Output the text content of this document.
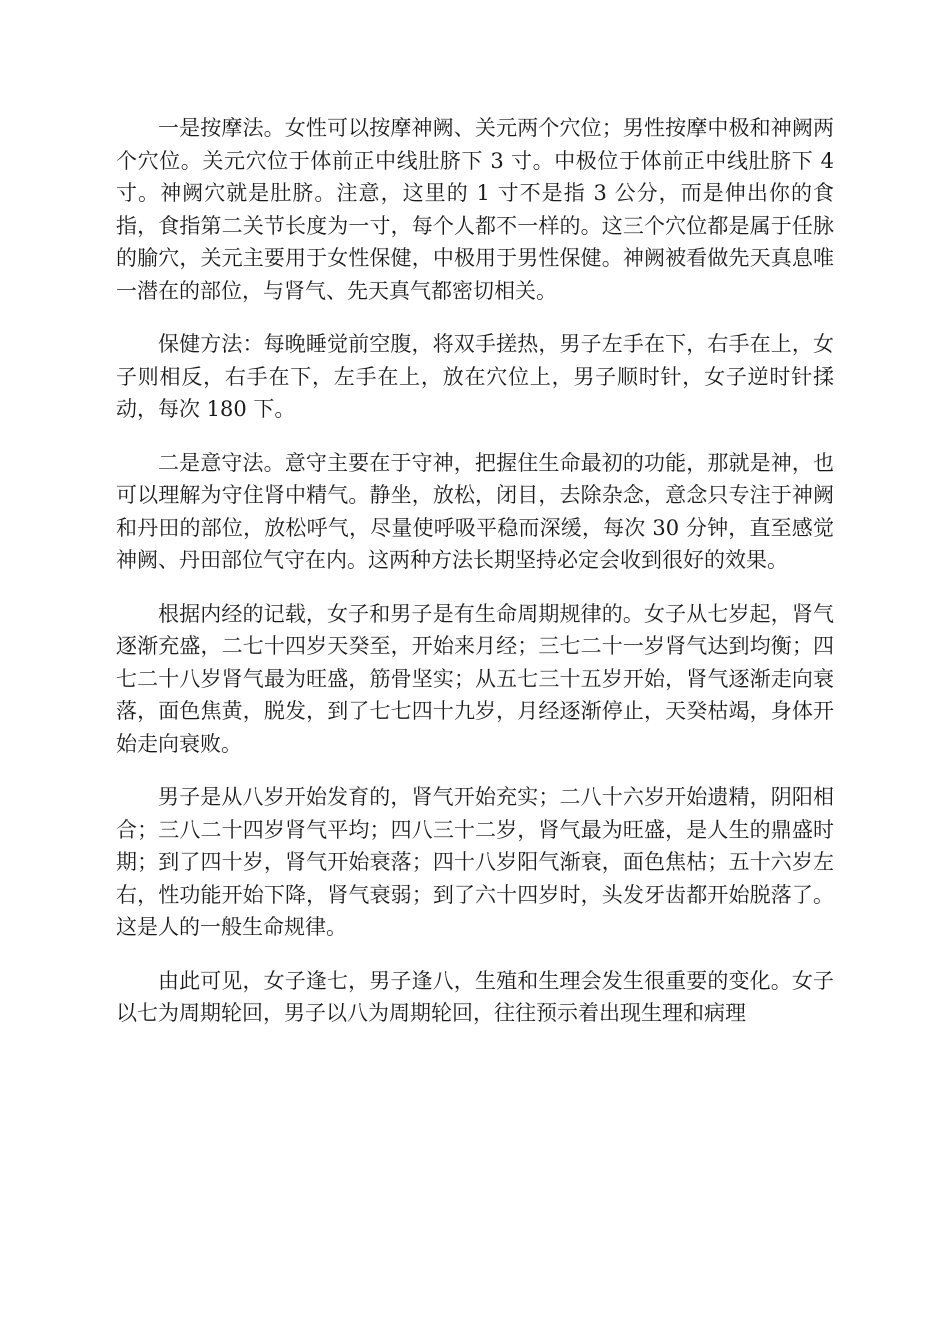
一是按摩法。女性可以按摩神阙、关元两个穴位；男性按摩中极和神阙两个穴位。关元穴位于体前正中线肚脐下 3 寸。中极位于体前正中线肚脐下 4 寸。神阙穴就是肚脐。注意，这里的 1 寸不是指 3 公分，而是伸出你的食指，食指第二关节长度为一寸，每个人都不一样的。这三个穴位都是属于任脉的腧穴，关元主要用于女性保健，中极用于男性保健。神阙被看做先天真息唯一潜在的部位，与肾气、先天真气都密切相关。

保健方法：每晚睡觉前空腹，将双手搓热，男子左手在下，右手在上，女子则相反，右手在下，左手在上，放在穴位上，男子顺时针，女子逆时针揉动，每次 180 下。

二是意守法。意守主要在于守神，把握住生命最初的功能，那就是神，也可以理解为守住肾中精气。静坐，放松，闭目，去除杂念，意念只专注于神阙和丹田的部位，放松呼气，尽量使呼吸平稳而深缓，每次 30 分钟，直至感觉神阙、丹田部位气守在内。这两种方法长期坚持必定会收到很好的效果。

根据内经的记载，女子和男子是有生命周期规律的。女子从七岁起，肾气逐渐充盛，二七十四岁天癸至，开始来月经；三七二十一岁肾气达到均衡；四七二十八岁肾气最为旺盛，筋骨坚实；从五七三十五岁开始，肾气逐渐走向衰落，面色焦黄，脱发，到了七七四十九岁，月经逐渐停止，天癸枯竭，身体开始走向衰败。

男子是从八岁开始发育的，肾气开始充实；二八十六岁开始遗精，阴阳相合；三八二十四岁肾气平均；四八三十二岁，肾气最为旺盛，是人生的鼎盛时期；到了四十岁，肾气开始衰落；四十八岁阳气渐衰，面色焦枯；五十六岁左右，性功能开始下降，肾气衰弱；到了六十四岁时，头发牙齿都开始脱落了。这是人的一般生命规律。

由此可见，女子逢七，男子逢八，生殖和生理会发生很重要的变化。女子以七为周期轮回，男子以八为周期轮回，往往预示着出现生理和病理
